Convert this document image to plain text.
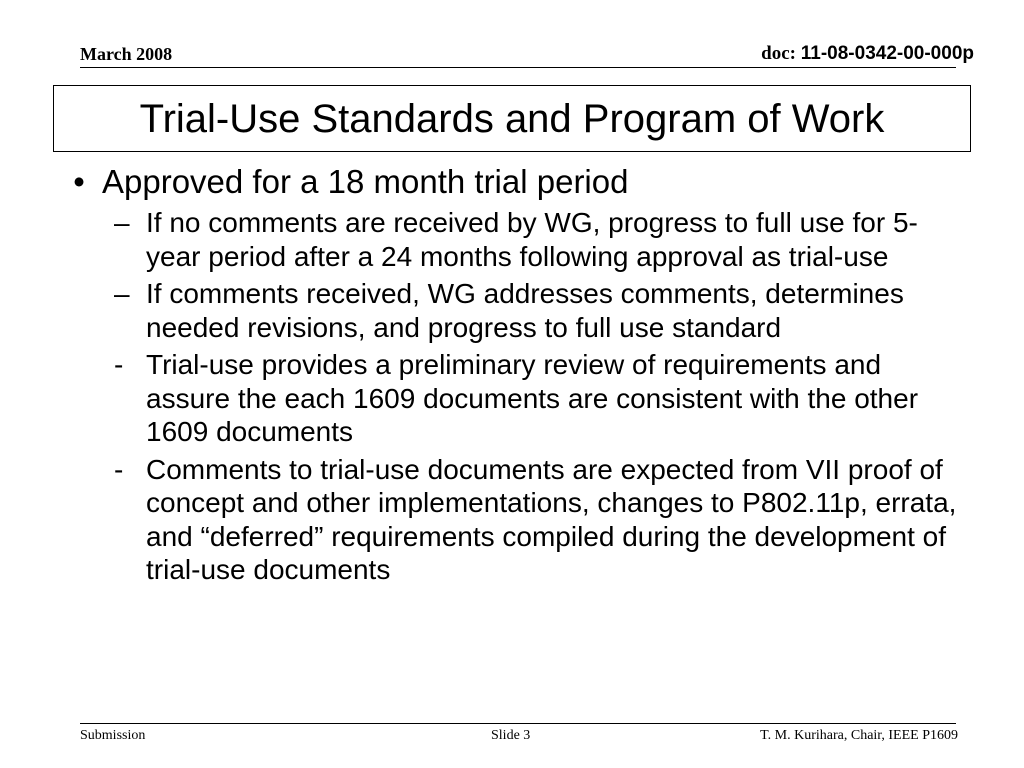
March 2008	doc: 11-08-0342-00-000p
Trial-Use Standards and Program of Work
• Approved for a 18 month trial period
– If no comments are received by WG, progress to full use for 5-year period after a 24 months following approval as trial-use
– If comments received, WG addresses comments, determines needed revisions, and progress to full use standard
- Trial-use provides a preliminary review of requirements and assure the each 1609 documents are consistent with the other 1609 documents
- Comments to trial-use documents are expected from VII proof of concept and other implementations, changes to P802.11p, errata, and “deferred” requirements compiled during the development of trial-use documents
Submission	Slide 3	T. M. Kurihara, Chair, IEEE P1609
